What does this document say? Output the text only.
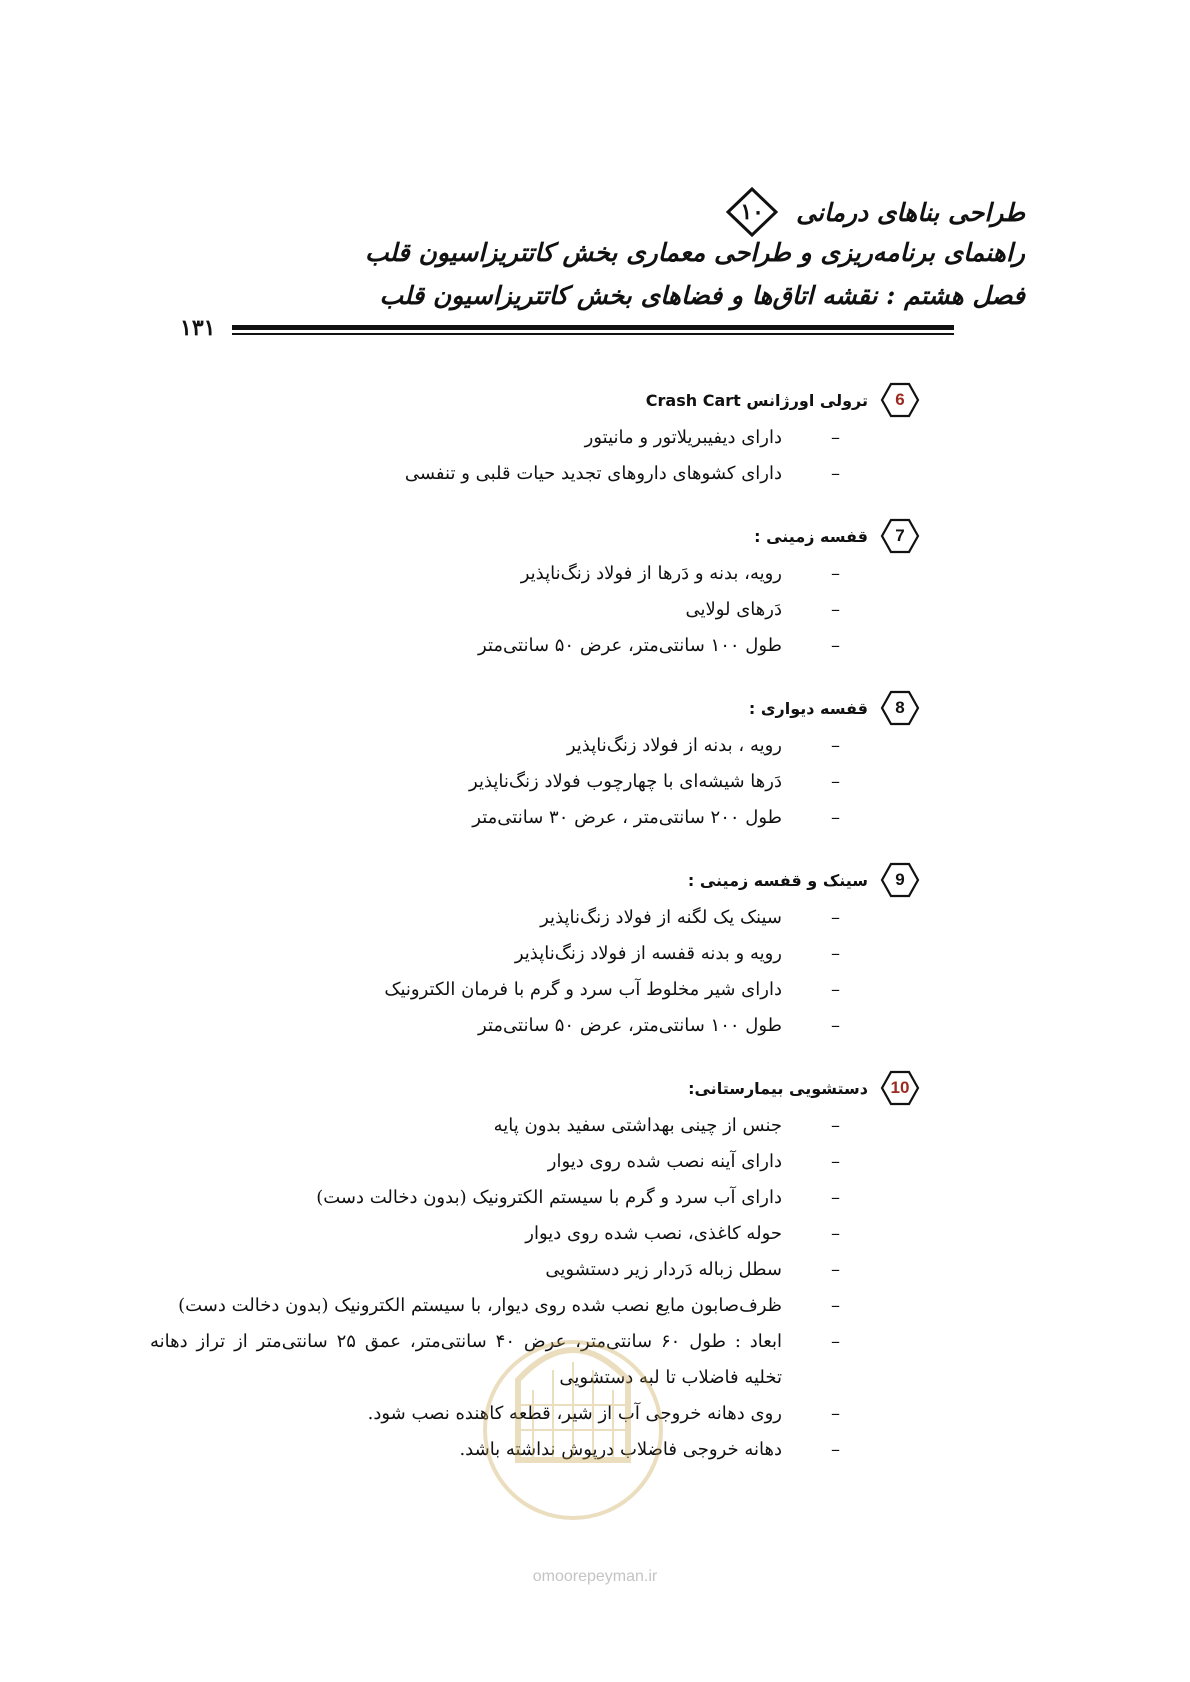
طراحی بناهای درمانی
۱۰
راهنمای برنامه‌ریزی و طراحی معماری بخش کاتتریزاسیون قلب
فصل هشتم : نقشه اتاق‌ها و فضاهای بخش کاتتریزاسیون قلب
۱۳۱
6
ترولی اورژانس Crash Cart
–
دارای دیفیبریلاتور و مانیتور
–
دارای کشوهای داروهای تجدید حیات قلبی و تنفسی
7
قفسه زمینی :
–
رویه، بدنه و دَرها از فولاد زنگ‌ناپذیر
–
دَرهای لولایی
–
طول ۱۰۰ سانتی‌متر، عرض ۵۰ سانتی‌متر
8
قفسه دیواری :
–
رویه ، بدنه از فولاد زنگ‌ناپذیر
–
دَرها شیشه‌ای با چهارچوب فولاد زنگ‌ناپذیر
–
طول ۲۰۰ سانتی‌متر ، عرض ۳۰ سانتی‌متر
9
سینک و قفسه زمینی :
–
سینک یک لگنه از فولاد زنگ‌ناپذیر
–
رویه و بدنه قفسه از فولاد زنگ‌ناپذیر
–
دارای شیر مخلوط آب سرد و گرم با فرمان الکترونیک
–
طول ۱۰۰ سانتی‌متر، عرض ۵۰ سانتی‌متر
10
دستشویی بیمارستانی:
–
جنس از چینی بهداشتی سفید بدون پایه
–
دارای آینه نصب شده روی دیوار
–
دارای آب سرد و گرم با سیستم الکترونیک (بدون دخالت دست)
–
حوله کاغذی، نصب شده روی دیوار
–
سطل زباله دَردار زیر دستشویی
–
ظرف‌صابون مایع نصب شده روی دیوار، با سیستم الکترونیک (بدون دخالت دست)
–
ابعاد : طول ۶۰ سانتی‌متر، عرض ۴۰ سانتی‌متر، عمق ۲۵ سانتی‌متر از تراز دهانه تخلیه فاضلاب تا لبه دستشویی
–
روی دهانه خروجی آب از شیر، قطعه کاهنده نصب شود.
–
دهانه خروجی فاضلاب درپوش نداشته باشد.
omoorepeyman.ir
